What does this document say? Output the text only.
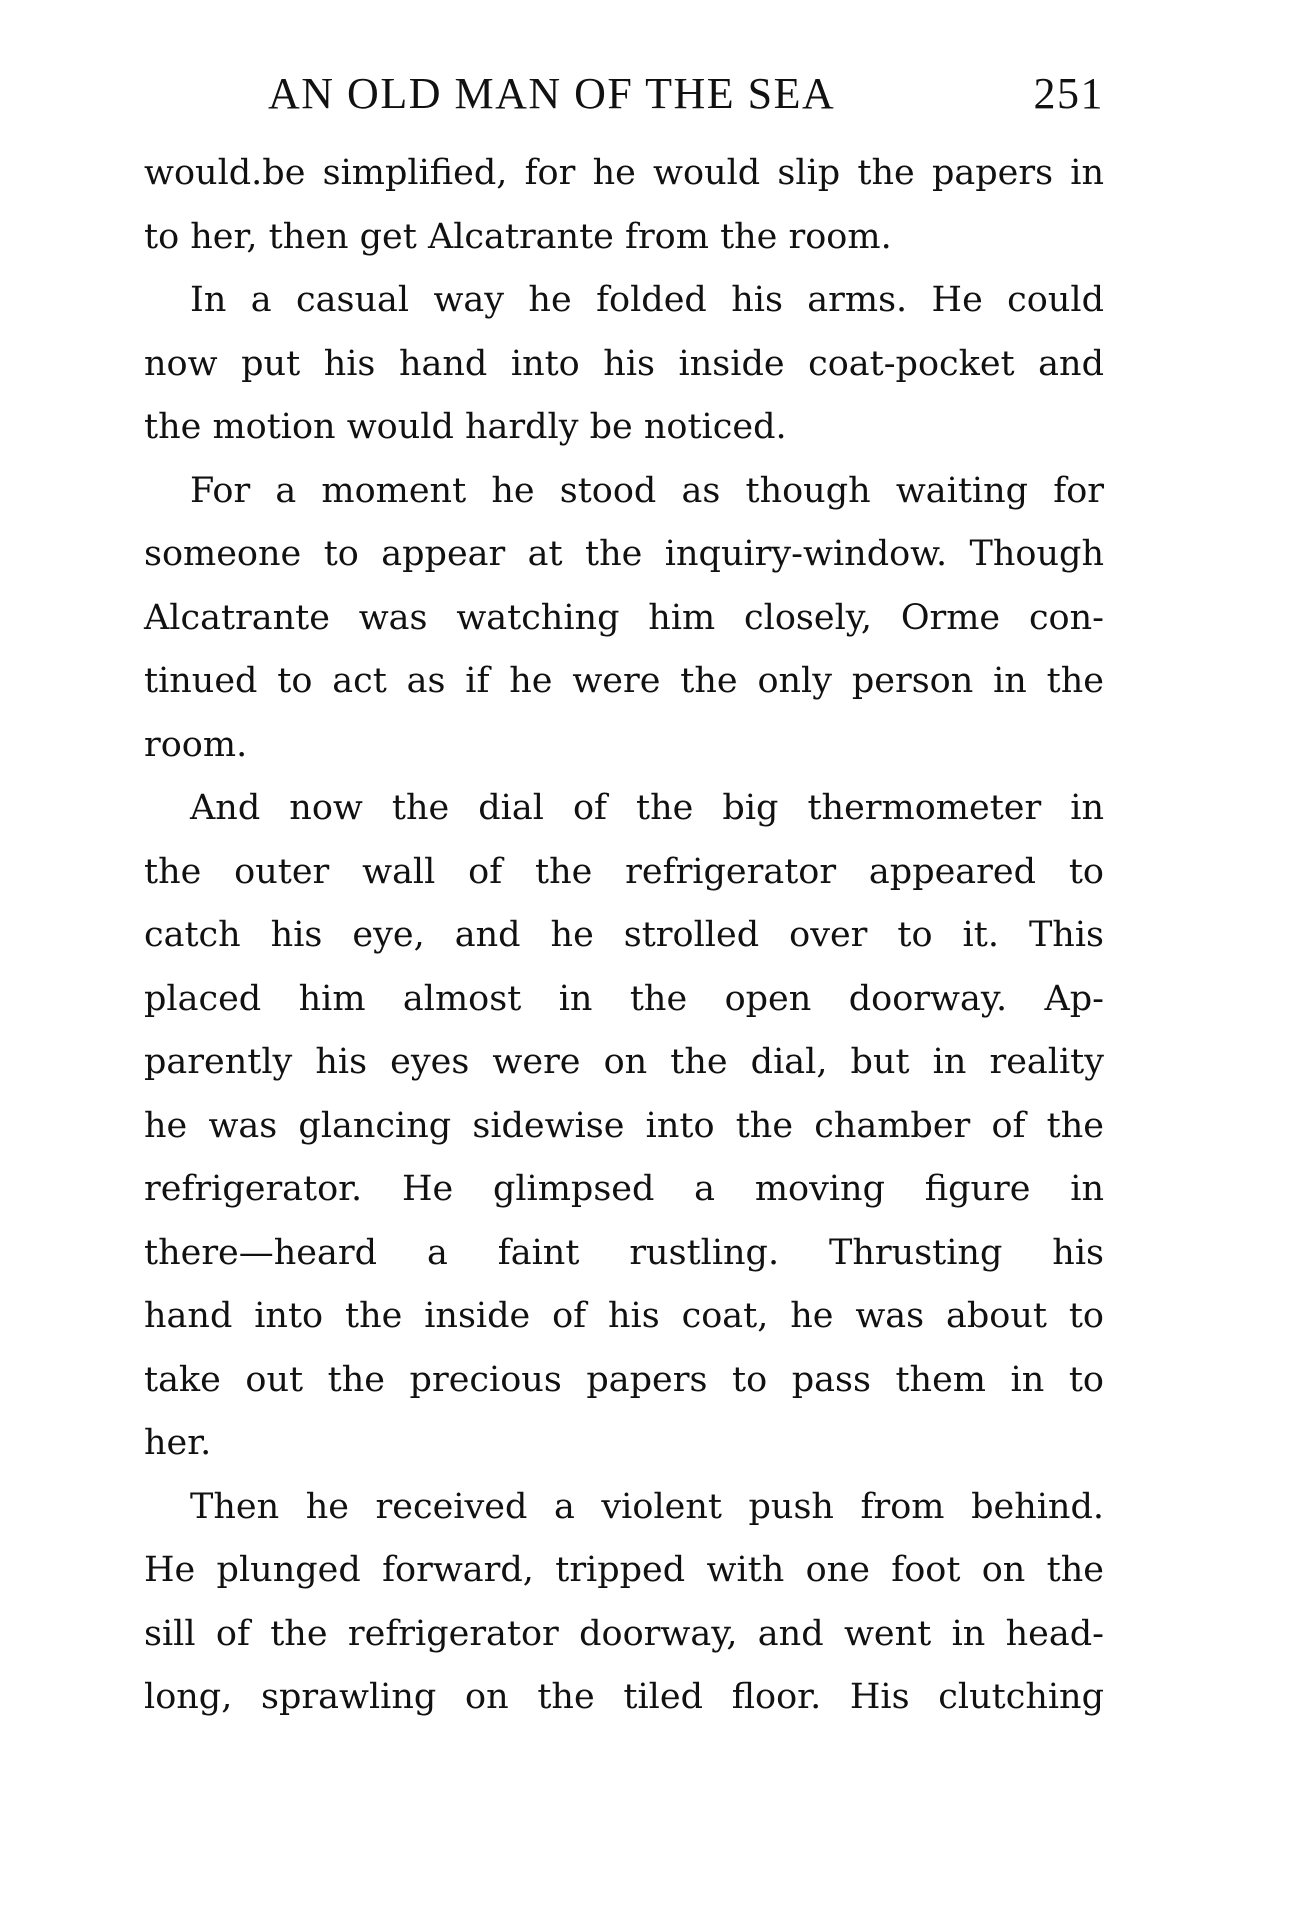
AN OLD MAN OF THE SEA	251
would.be simplified, for he would slip the papers in
to her, then get Alcatrante from the room.
In a casual way he folded his arms. He could
now put his hand into his inside coat-pocket and
the motion would hardly be noticed.
For a moment he stood as though waiting for
someone to appear at the inquiry-window. Though
Alcatrante was watching him closely, Orme con-
tinued to act as if he were the only person in the
room.
And now the dial of the big thermometer in
the outer wall of the refrigerator appeared to
catch his eye, and he strolled over to it. This
placed him almost in the open doorway. Ap-
parently his eyes were on the dial, but in reality
he was glancing sidewise into the chamber of the
refrigerator. He glimpsed a moving figure in
there—heard a faint rustling. Thrusting his
hand into the inside of his coat, he was about to
take out the precious papers to pass them in to
her.
Then he received a violent push from behind.
He plunged forward, tripped with one foot on the
sill of the refrigerator doorway, and went in head-
long, sprawling on the tiled floor. His clutching
